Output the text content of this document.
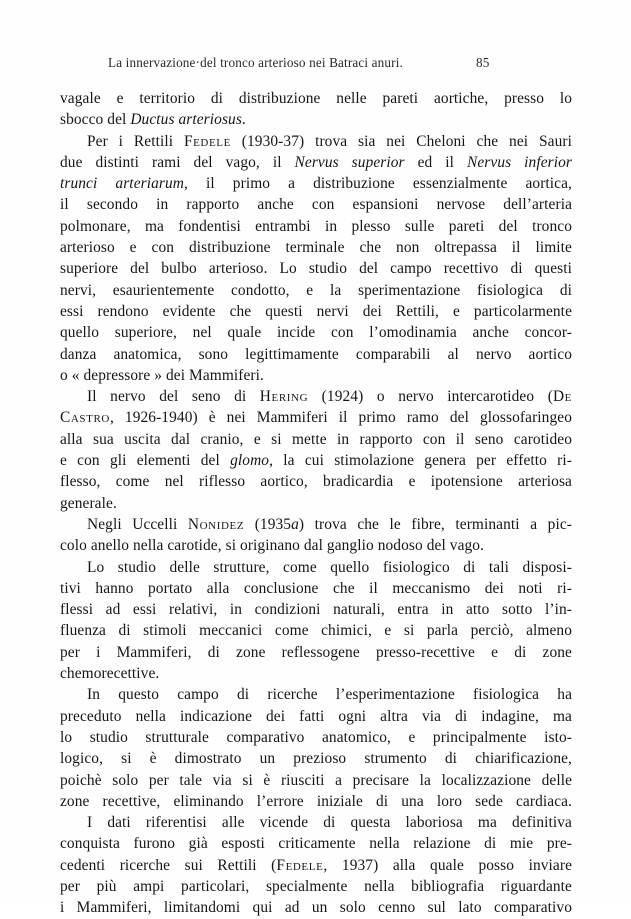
La innervazione·del tronco arterioso nei Batraci anuri.	85
vagale e territorio di distribuzione nelle pareti aortiche, presso lo
sbocco del Ductus arteriosus.
Per i Rettili Fedele (1930-37) trova sia nei Cheloni che nei Sauri
due distinti rami del vago, il Nervus superior ed il Nervus inferior
trunci arteriarum, il primo a distribuzione essenzialmente aortica,
il secondo in rapporto anche con espansioni nervose dell’arteria
polmonare, ma fondentisi entrambi in plesso sulle pareti del tronco
arterioso e con distribuzione terminale che non oltrepassa il limite
superiore del bulbo arterioso. Lo studio del campo recettivo di questi
nervi, esaurientemente condotto, e la sperimentazione fisiologica di
essi rendono evidente che questi nervi dei Rettili, e particolarmente
quello superiore, nel quale incide con l’omodinamia anche concor-
danza anatomica, sono legittimamente comparabili al nervo aortico
o « depressore » dei Mammiferi.
Il nervo del seno di Hering (1924) o nervo intercarotideo (De
Castro, 1926-1940) è nei Mammiferi il primo ramo del glossofaringeo
alla sua uscita dal cranio, e si mette in rapporto con il seno carotideo
e con gli elementi del glomo, la cui stimolazione genera per effetto ri-
flesso, come nel riflesso aortico, bradicardia e ipotensione arteriosa
generale.
Negli Uccelli Nonidez (1935a) trova che le fibre, terminanti a pic-
colo anello nella carotide, si originano dal ganglio nodoso del vago.
Lo studio delle strutture, come quello fisiologico di tali disposi-
tivi hanno portato alla conclusione che il meccanismo dei noti ri-
flessi ad essi relativi, in condizioni naturali, entra in atto sotto l’in-
fluenza di stimoli meccanici come chimici, e si parla perciò, almeno
per i Mammiferi, di zone reflessogene presso-recettive e di zone
chemorecettive.
In questo campo di ricerche l’esperimentazione fisiologica ha
preceduto nella indicazione dei fatti ogni altra via di indagine, ma
lo studio strutturale comparativo anatomico, e principalmente isto-
logico, si è dimostrato un prezioso strumento di chiarificazione,
poichè solo per tale via si è riusciti a precisare la localizzazione delle
zone recettive, eliminando l’errore iniziale di una loro sede cardiaca.
I dati riferentisi alle vicende di questa laboriosa ma definitiva
conquista furono già esposti criticamente nella relazione di mie pre-
cedenti ricerche sui Rettili (Fedele, 1937) alla quale posso inviare
per più ampi particolari, specialmente nella bibliografia riguardante
i Mammiferi, limitandomi qui ad un solo cenno sul lato comparativo
